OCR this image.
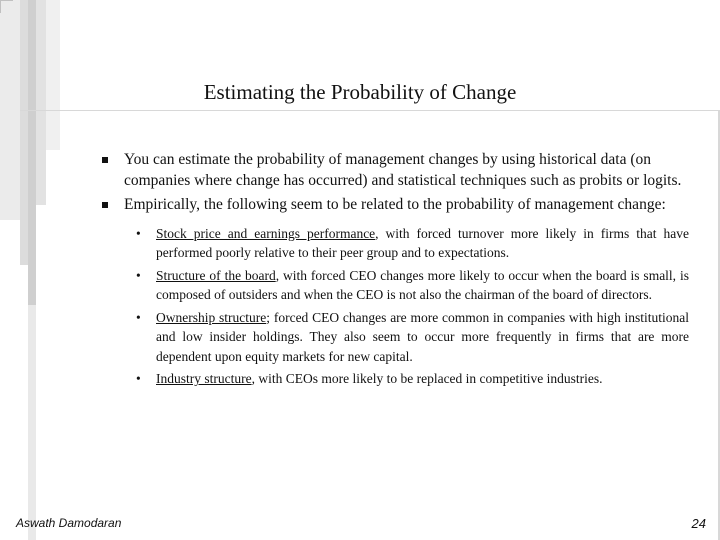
Estimating the Probability of Change
You can estimate the probability of management changes by using historical data (on companies where change has occurred) and statistical techniques such as probits or logits.
Empirically, the following seem to be related to the probability of management change:
• Stock price and earnings performance, with forced turnover more likely in firms that have performed poorly relative to their peer group and to expectations.
• Structure of the board, with forced CEO changes more likely to occur when the board is small, is composed of outsiders and when the CEO is not also the chairman of the board of directors.
• Ownership structure; forced CEO changes are more common in companies with high institutional and low insider holdings. They also seem to occur more frequently in firms that are more dependent upon equity markets for new capital.
• Industry structure, with CEOs more likely to be replaced in competitive industries.
Aswath Damodaran	24
